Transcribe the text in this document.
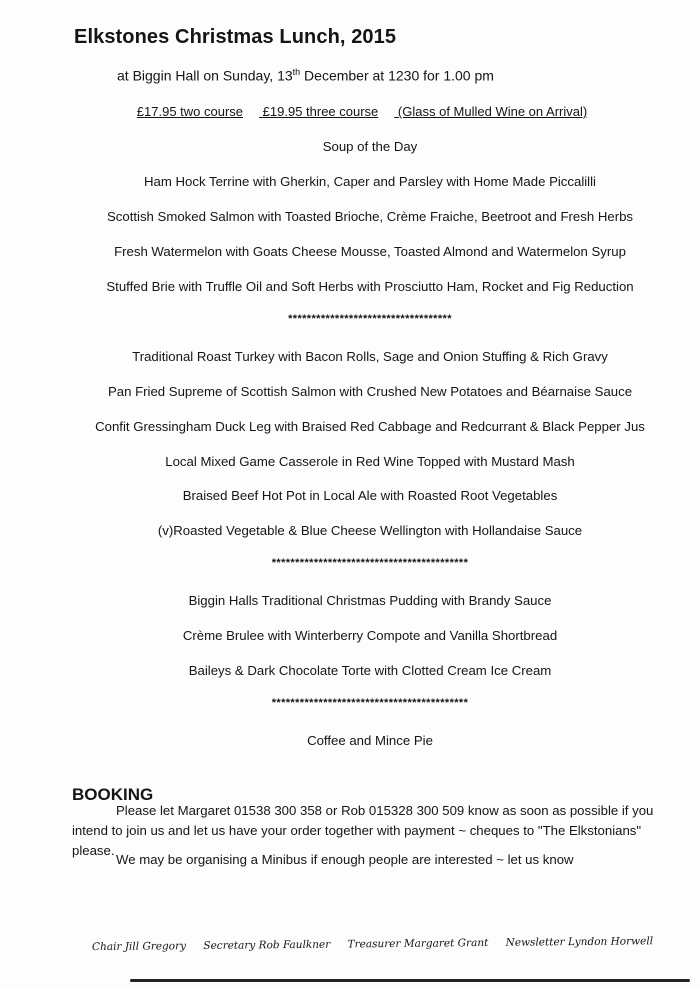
Elkstones Christmas Lunch, 2015
at Biggin Hall on Sunday, 13th December at 1230 for 1.00 pm
£17.95 two course £19.95 three course (Glass of Mulled Wine on Arrival)
Soup of the Day
Ham Hock Terrine with Gherkin, Caper and Parsley with Home Made Piccalilli
Scottish Smoked Salmon with Toasted Brioche, Crème Fraiche, Beetroot and Fresh Herbs
Fresh Watermelon with Goats Cheese Mousse, Toasted Almond and Watermelon Syrup
Stuffed Brie with Truffle Oil and Soft Herbs with Prosciutto Ham, Rocket and Fig Reduction
***********************************
Traditional Roast Turkey with Bacon Rolls, Sage and Onion Stuffing & Rich Gravy
Pan Fried Supreme of Scottish Salmon with Crushed New Potatoes and Béarnaise Sauce
Confit Gressingham Duck Leg with Braised Red Cabbage and Redcurrant & Black Pepper Jus
Local Mixed Game Casserole in Red Wine Topped with Mustard Mash
Braised Beef Hot Pot in Local Ale with Roasted Root Vegetables
(v)Roasted Vegetable & Blue Cheese Wellington with Hollandaise Sauce
******************************************
Biggin Halls Traditional Christmas Pudding with Brandy Sauce
Crème Brulee with Winterberry Compote and Vanilla Shortbread
Baileys & Dark Chocolate Torte with Clotted Cream Ice Cream
******************************************
Coffee and Mince Pie
BOOKING
Please let Margaret 01538 300 358 or Rob 015328 300 509 know as soon as possible if you intend to join us and let us have your order together with payment ~ cheques to "The Elkstonians" please.
We may be organising a Minibus if enough people are interested ~ let us know
Chair Jill Gregory Secretary Rob Faulkner Treasurer Margaret Grant Newsletter Lyndon Horwell
